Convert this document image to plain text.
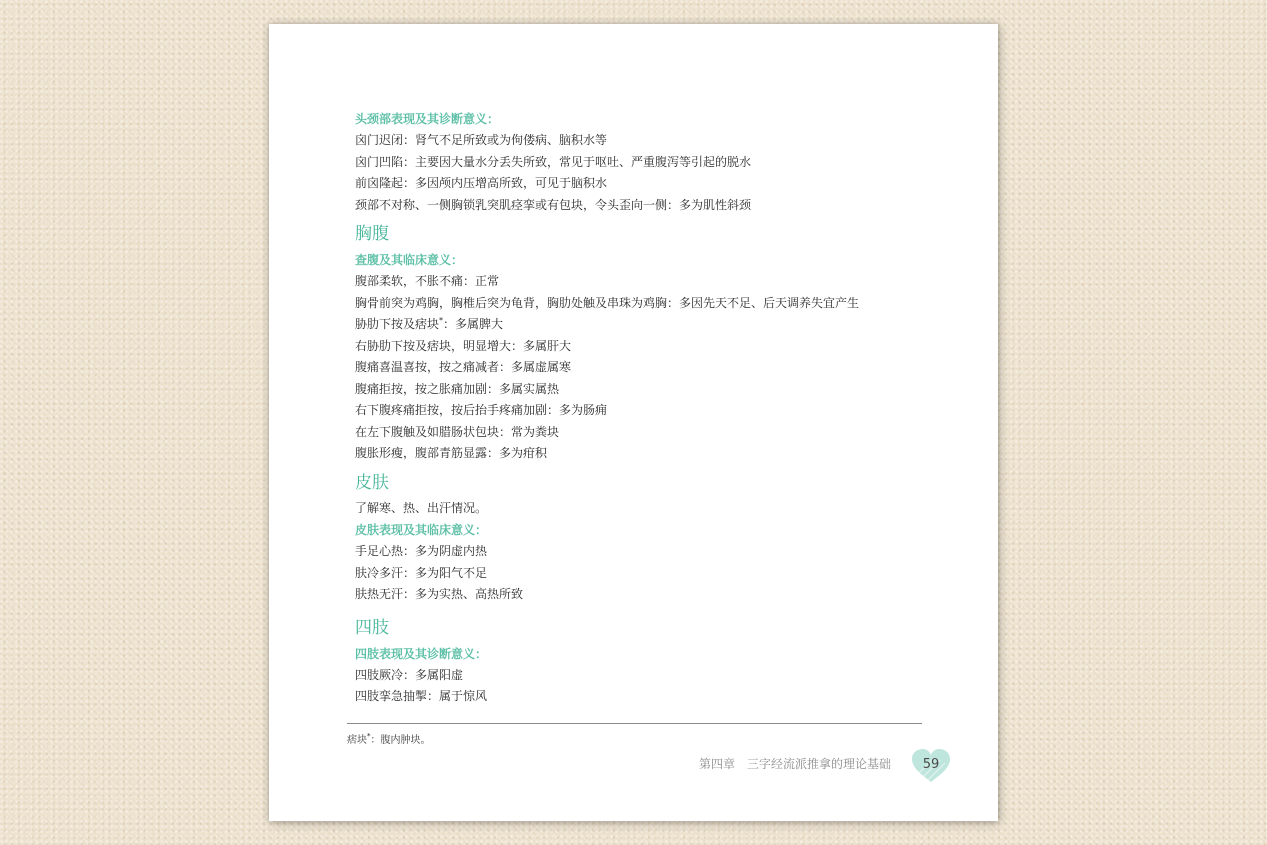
头颈部表现及其诊断意义：
囟门迟闭：肾气不足所致或为佝偻病、脑积水等
囟门凹陷：主要因大量水分丢失所致，常见于呕吐、严重腹泻等引起的脱水
前囟隆起：多因颅内压增高所致，可见于脑积水
颈部不对称、一侧胸锁乳突肌痉挛或有包块，令头歪向一侧：多为肌性斜颈
胸腹
查腹及其临床意义：
腹部柔软，不胀不痛：正常
胸骨前突为鸡胸，胸椎后突为龟背，胸肋处触及串珠为鸡胸：多因先天不足、后天调养失宜产生
胁肋下按及痞块*：多属脾大
右胁肋下按及痞块，明显增大：多属肝大
腹痛喜温喜按，按之痛减者：多属虚属寒
腹痛拒按，按之胀痛加剧：多属实属热
右下腹疼痛拒按，按后抬手疼痛加剧：多为肠痈
在左下腹触及如腊肠状包块：常为粪块
腹胀形瘦，腹部青筋显露：多为疳积
皮肤
了解寒、热、出汗情况。
皮肤表现及其临床意义：
手足心热：多为阴虚内热
肤冷多汗：多为阳气不足
肤热无汗：多为实热、高热所致
四肢
四肢表现及其诊断意义：
四肢厥冷：多属阳虚
四肢挛急抽掣：属于惊风
痞块*：腹内肿块。
第四章　三字经流派推拿的理论基础	59
